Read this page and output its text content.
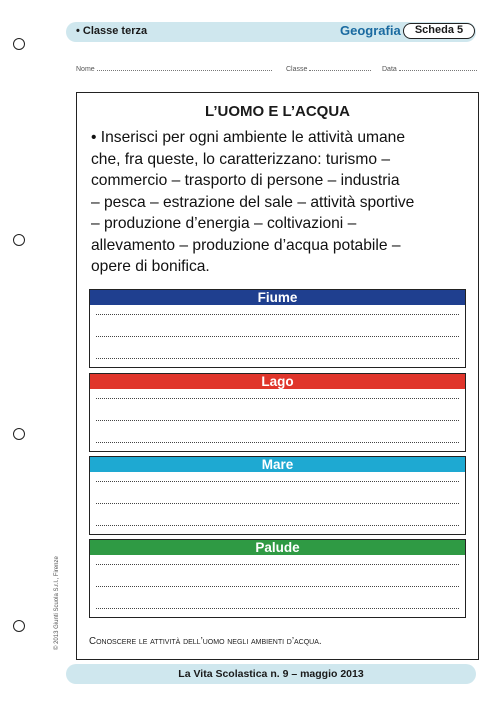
• Classe terza	Geografia	Scheda 5
Nome	Classe	Data
L’UOMO E L’ACQUA
• Inserisci per ogni ambiente le attività umane
che, fra queste, lo caratterizzano: turismo –
commercio – trasporto di persone – industria
– pesca – estrazione del sale – attività sportive
– produzione d’energia – coltivazioni –
allevamento – produzione d’acqua potabile –
opere di bonifica.
Fiume
Lago
Mare
Palude
Conoscere le attività dell’uomo negli ambienti d’acqua.
© 2013 Giunti Scuola S.r.l., Firenze
La Vita Scolastica n. 9 – maggio 2013
